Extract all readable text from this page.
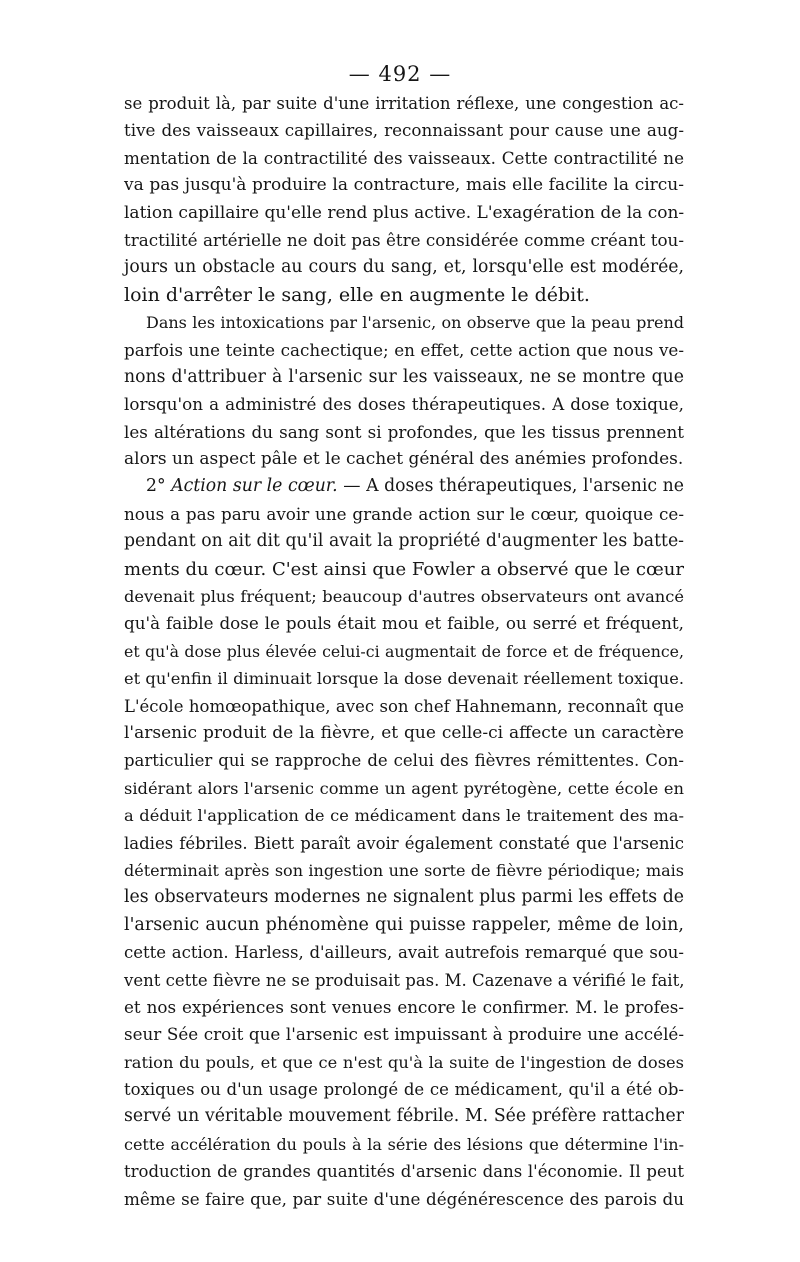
— 492 —
se produit là, par suite d'une irritation réflexe, une congestion ac-
tive des vaisseaux capillaires, reconnaissant pour cause une aug-
mentation de la contractilité des vaisseaux. Cette contractilité ne
va pas jusqu'à produire la contracture, mais elle facilite la circu-
lation capillaire qu'elle rend plus active. L'exagération de la con-
tractilité artérielle ne doit pas être considérée comme créant tou-
jours un obstacle au cours du sang, et, lorsqu'elle est modérée,
loin d'arrêter le sang, elle en augmente le débit.
Dans les intoxications par l'arsenic, on observe que la peau prend
parfois une teinte cachectique; en effet, cette action que nous ve-
nons d'attribuer à l'arsenic sur les vaisseaux, ne se montre que
lorsqu'on a administré des doses thérapeutiques. A dose toxique,
les altérations du sang sont si profondes, que les tissus prennent
alors un aspect pâle et le cachet général des anémies profondes.
2° Action sur le cœur. — A doses thérapeutiques, l'arsenic ne
nous a pas paru avoir une grande action sur le cœur, quoique ce-
pendant on ait dit qu'il avait la propriété d'augmenter les batte-
ments du cœur. C'est ainsi que Fowler a observé que le cœur
devenait plus fréquent; beaucoup d'autres observateurs ont avancé
qu'à faible dose le pouls était mou et faible, ou serré et fréquent,
et qu'à dose plus élevée celui-ci augmentait de force et de fréquence,
et qu'enfin il diminuait lorsque la dose devenait réellement toxique.
L'école homœopathique, avec son chef Hahnemann, reconnaît que
l'arsenic produit de la fièvre, et que celle-ci affecte un caractère
particulier qui se rapproche de celui des fièvres rémittentes. Con-
sidérant alors l'arsenic comme un agent pyrétogène, cette école en
a déduit l'application de ce médicament dans le traitement des ma-
ladies fébriles. Biett paraît avoir également constaté que l'arsenic
déterminait après son ingestion une sorte de fièvre périodique; mais
les observateurs modernes ne signalent plus parmi les effets de
l'arsenic aucun phénomène qui puisse rappeler, même de loin,
cette action. Harless, d'ailleurs, avait autrefois remarqué que sou-
vent cette fièvre ne se produisait pas. M. Cazenave a vérifié le fait,
et nos expériences sont venues encore le confirmer. M. le profes-
seur Sée croit que l'arsenic est impuissant à produire une accélé-
ration du pouls, et que ce n'est qu'à la suite de l'ingestion de doses
toxiques ou d'un usage prolongé de ce médicament, qu'il a été ob-
servé un véritable mouvement fébrile. M. Sée préfère rattacher
cette accélération du pouls à la série des lésions que détermine l'in-
troduction de grandes quantités d'arsenic dans l'économie. Il peut
même se faire que, par suite d'une dégénérescence des parois du
